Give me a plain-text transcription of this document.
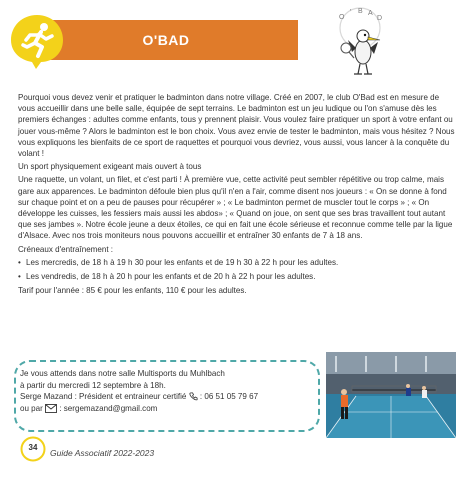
O'BAD
O
' B A
D

Pourquoi vous devez venir et pratiquer le badminton dans notre village. Créé en 2007, le club O'Bad est en mesure de vous accueillir dans une belle salle, équipée de sept terrains. Le badminton est un jeu ludique ou l'on s'amuse dès les premiers échanges : adultes comme enfants, tous y prennent plaisir. Vous voulez faire pratiquer un sport à votre enfant ou jouer vous-même ? Alors le badminton est le bon choix. Vous avez envie de tester le badminton, mais vous hésitez ? Nous vous expliquons les bienfaits de ce sport de raquettes et pourquoi vous devriez, vous aussi, vous lancer à la conquête du volant !

Un sport physiquement exigeant mais ouvert à tous

Une raquette, un volant, un filet, et c'est parti ! À première vue, cette activité peut sembler répétitive ou trop calme, mais gare aux apparences. Le badminton défoule bien plus qu'il n'en a l'air, comme disent nos joueurs : « On se donne à fond sur chaque point et on a peu de pauses pour récupérer » ; « Le badminton permet de muscler tout le corps » ; « On développe les cuisses, les fessiers mais aussi les abdos» ; « Quand on joue, on sent que ses bras travaillent tout autant que ses jambes ». Notre école jeune a deux étoiles, ce qui en fait une école sérieuse et reconnue comme telle par la ligue d'Alsace. Avec nos trois moniteurs nous pouvons accueillir et entraîner 30 enfants de 7 à 18 ans.

Créneaux d'entraînement :

• Les mercredis, de 18 h à 19 h 30 pour les enfants et de 19 h 30 à 22 h pour les adultes.
• Les vendredis, de 18 h à 20 h pour les enfants et de 20 h à 22 h pour les adultes.

Tarif pour l'année : 85 € pour les enfants, 110 € pour les adultes.

Je vous attends dans notre salle Multisports du Muhlbach
à partir du mercredi 12 septembre à 18h.
Serge Mazand : Président et entraineur certifié  : 06 51 05 79 67
ou par  : sergemazand@gmail.com
34
Guide Associatif 2022-2023
